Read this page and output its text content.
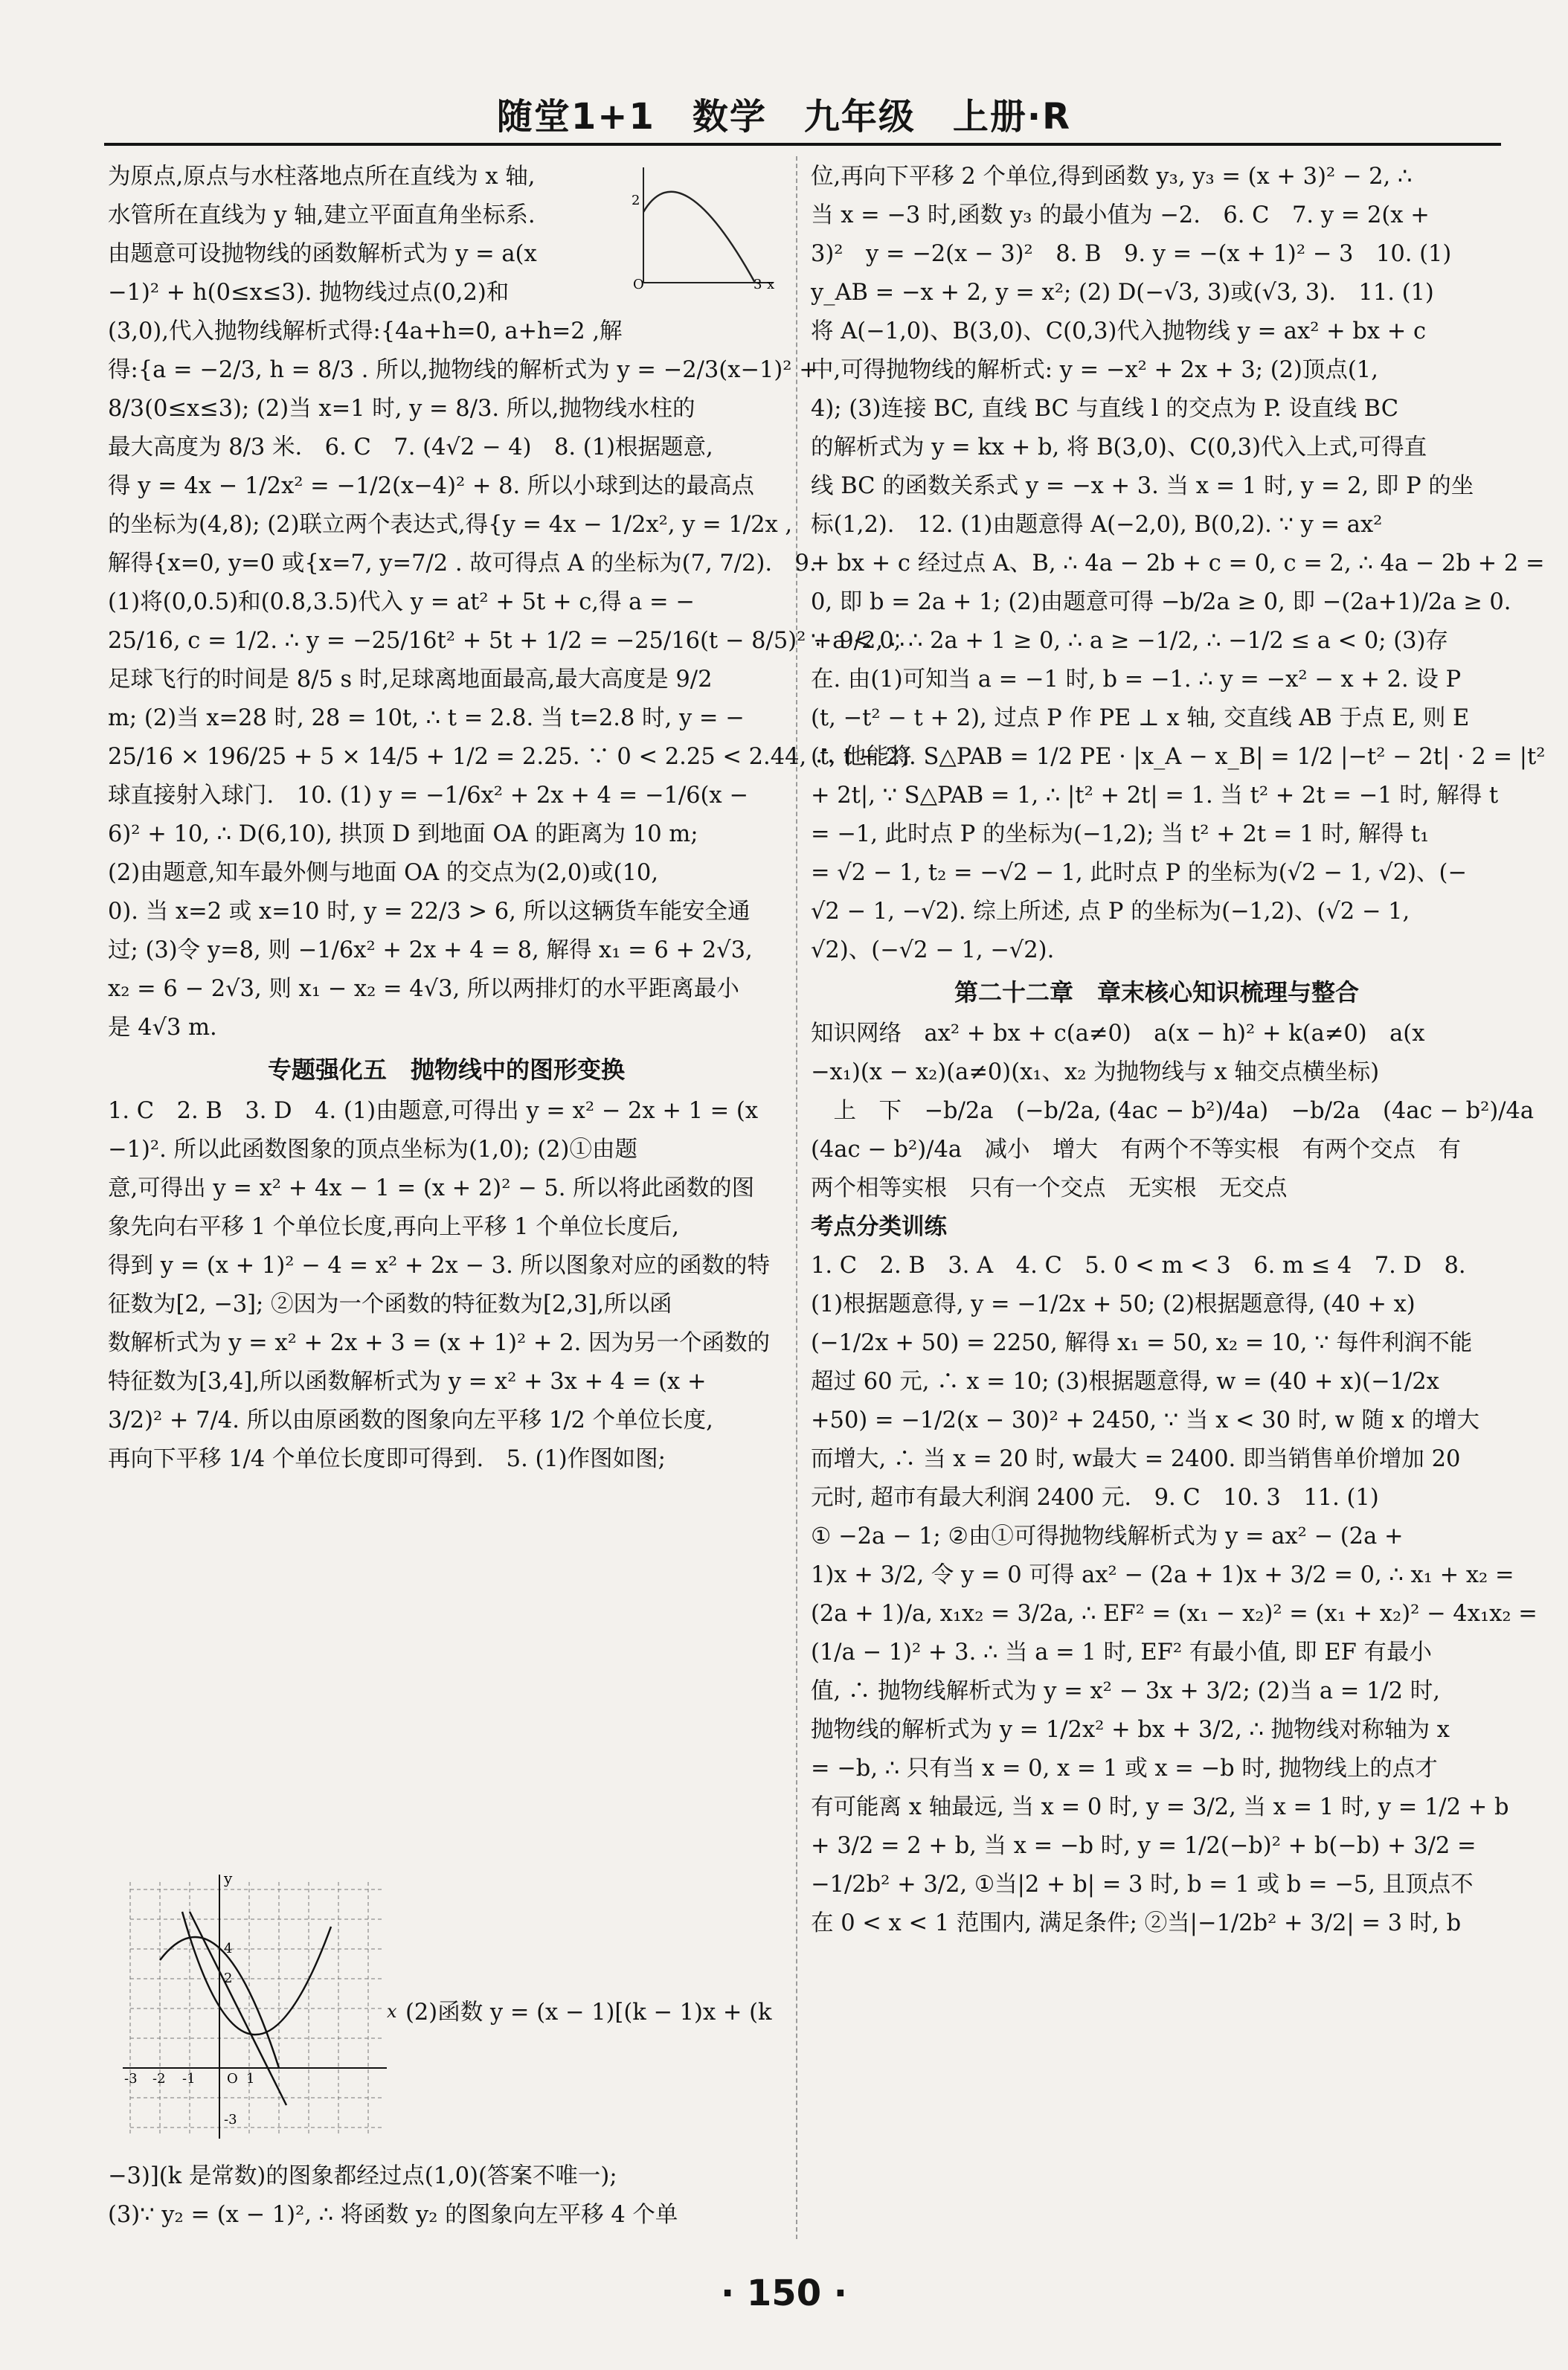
随堂1+1　数学　九年级　上册·R
2
O	3 x
为原点,原点与水柱落地点所在直线为 x 轴,
水管所在直线为 y 轴,建立平面直角坐标系.
由题意可设抛物线的函数解析式为 y = a(x
−1)² + h(0≤x≤3). 抛物线过点(0,2)和
(3,0),代入抛物线解析式得:{4a+h=0, a+h=2 ,解
得:{a = −2/3, h = 8/3 . 所以,抛物线的解析式为 y = −2/3(x−1)² +
8/3(0≤x≤3); (2)当 x=1 时, y = 8/3. 所以,抛物线水柱的
最大高度为 8/3 米.　6. C　7. (4√2 − 4)　8. (1)根据题意,
得 y = 4x − 1/2x² = −1/2(x−4)² + 8. 所以小球到达的最高点
的坐标为(4,8); (2)联立两个表达式,得{y = 4x − 1/2x², y = 1/2x ,
解得{x=0, y=0 或{x=7, y=7/2 . 故可得点 A 的坐标为(7, 7/2).　9.
(1)将(0,0.5)和(0.8,3.5)代入 y = at² + 5t + c,得 a = −
25/16, c = 1/2. ∴ y = −25/16t² + 5t + 1/2 = −25/16(t − 8/5)² + 9/2, ∴
足球飞行的时间是 8/5 s 时,足球离地面最高,最大高度是 9/2
m; (2)当 x=28 时, 28 = 10t, ∴ t = 2.8. 当 t=2.8 时, y = −
25/16 × 196/25 + 5 × 14/5 + 1/2 = 2.25. ∵ 0 < 2.25 < 2.44, ∴ 他能将
球直接射入球门.　10. (1) y = −1/6x² + 2x + 4 = −1/6(x −
6)² + 10, ∴ D(6,10), 拱顶 D 到地面 OA 的距离为 10 m;
(2)由题意,知车最外侧与地面 OA 的交点为(2,0)或(10,
0). 当 x=2 或 x=10 时, y = 22/3 > 6, 所以这辆货车能安全通
过; (3)令 y=8, 则 −1/6x² + 2x + 4 = 8, 解得 x₁ = 6 + 2√3,
x₂ = 6 − 2√3, 则 x₁ − x₂ = 4√3, 所以两排灯的水平距离最小
是 4√3 m.
专题强化五　抛物线中的图形变换
1. C　2. B　3. D　4. (1)由题意,可得出 y = x² − 2x + 1 = (x
−1)². 所以此函数图象的顶点坐标为(1,0); (2)①由题
意,可得出 y = x² + 4x − 1 = (x + 2)² − 5. 所以将此函数的图
象先向右平移 1 个单位长度,再向上平移 1 个单位长度后,
得到 y = (x + 1)² − 4 = x² + 2x − 3. 所以图象对应的函数的特
征数为[2, −3]; ②因为一个函数的特征数为[2,3],所以函
数解析式为 y = x² + 2x + 3 = (x + 1)² + 2. 因为另一个函数的
特征数为[3,4],所以函数解析式为 y = x² + 3x + 4 = (x +
3/2)² + 7/4. 所以由原函数的图象向左平移 1/2 个单位长度,
再向下平移 1/4 个单位长度即可得到.　5. (1)作图如图;
y
O 1
-1
-2
-3
4
2
-3
(2)函数 y = (x − 1)[(k − 1)x + (k
x
−3)](k 是常数)的图象都经过点(1,0)(答案不唯一);
(3)∵ y₂ = (x − 1)², ∴ 将函数 y₂ 的图象向左平移 4 个单
位,再向下平移 2 个单位,得到函数 y₃, y₃ = (x + 3)² − 2, ∴
当 x = −3 时,函数 y₃ 的最小值为 −2.　6. C　7. y = 2(x +
3)²　y = −2(x − 3)²　8. B　9. y = −(x + 1)² − 3　10. (1)
y_AB = −x + 2, y = x²; (2) D(−√3, 3)或(√3, 3).　11. (1)
将 A(−1,0)、B(3,0)、C(0,3)代入抛物线 y = ax² + bx + c
中,可得抛物线的解析式: y = −x² + 2x + 3; (2)顶点(1,
4); (3)连接 BC, 直线 BC 与直线 l 的交点为 P. 设直线 BC
的解析式为 y = kx + b, 将 B(3,0)、C(0,3)代入上式,可得直
线 BC 的函数关系式 y = −x + 3. 当 x = 1 时, y = 2, 即 P 的坐
标(1,2).　12. (1)由题意得 A(−2,0), B(0,2). ∵ y = ax²
+ bx + c 经过点 A、B, ∴ 4a − 2b + c = 0, c = 2, ∴ 4a − 2b + 2 =
0, 即 b = 2a + 1; (2)由题意可得 −b/2a ≥ 0, 即 −(2a+1)/2a ≥ 0.
∵ a < 0, ∴ 2a + 1 ≥ 0, ∴ a ≥ −1/2, ∴ −1/2 ≤ a < 0; (3)存
在. 由(1)可知当 a = −1 时, b = −1. ∴ y = −x² − x + 2. 设 P
(t, −t² − t + 2), 过点 P 作 PE ⊥ x 轴, 交直线 AB 于点 E, 则 E
(t, t + 2). S△PAB = 1/2 PE · |x_A − x_B| = 1/2 |−t² − 2t| · 2 = |t²
+ 2t|, ∵ S△PAB = 1, ∴ |t² + 2t| = 1. 当 t² + 2t = −1 时, 解得 t
= −1, 此时点 P 的坐标为(−1,2); 当 t² + 2t = 1 时, 解得 t₁
= √2 − 1, t₂ = −√2 − 1, 此时点 P 的坐标为(√2 − 1, √2)、(−
√2 − 1, −√2). 综上所述, 点 P 的坐标为(−1,2)、(√2 − 1,
√2)、(−√2 − 1, −√2).
第二十二章　章末核心知识梳理与整合
知识网络　ax² + bx + c(a≠0)　a(x − h)² + k(a≠0)　a(x
−x₁)(x − x₂)(a≠0)(x₁、x₂ 为抛物线与 x 轴交点横坐标)
　上　下　−b/2a　(−b/2a, (4ac − b²)/4a)　−b/2a　(4ac − b²)/4a
(4ac − b²)/4a　减小　增大　有两个不等实根　有两个交点　有
两个相等实根　只有一个交点　无实根　无交点
考点分类训练
1. C　2. B　3. A　4. C　5. 0 < m < 3　6. m ≤ 4　7. D　8.
(1)根据题意得, y = −1/2x + 50; (2)根据题意得, (40 + x)
(−1/2x + 50) = 2250, 解得 x₁ = 50, x₂ = 10, ∵ 每件利润不能
超过 60 元, ∴ x = 10; (3)根据题意得, w = (40 + x)(−1/2x
+50) = −1/2(x − 30)² + 2450, ∵ 当 x < 30 时, w 随 x 的增大
而增大, ∴ 当 x = 20 时, w最大 = 2400. 即当销售单价增加 20
元时, 超市有最大利润 2400 元.　9. C　10. 3　11. (1)
① −2a − 1; ②由①可得抛物线解析式为 y = ax² − (2a +
1)x + 3/2, 令 y = 0 可得 ax² − (2a + 1)x + 3/2 = 0, ∴ x₁ + x₂ =
(2a + 1)/a, x₁x₂ = 3/2a, ∴ EF² = (x₁ − x₂)² = (x₁ + x₂)² − 4x₁x₂ =
(1/a − 1)² + 3. ∴ 当 a = 1 时, EF² 有最小值, 即 EF 有最小
值, ∴ 抛物线解析式为 y = x² − 3x + 3/2; (2)当 a = 1/2 时,
抛物线的解析式为 y = 1/2x² + bx + 3/2, ∴ 抛物线对称轴为 x
= −b, ∴ 只有当 x = 0, x = 1 或 x = −b 时, 抛物线上的点才
有可能离 x 轴最远, 当 x = 0 时, y = 3/2, 当 x = 1 时, y = 1/2 + b
+ 3/2 = 2 + b, 当 x = −b 时, y = 1/2(−b)² + b(−b) + 3/2 =
−1/2b² + 3/2, ①当|2 + b| = 3 时, b = 1 或 b = −5, 且顶点不
在 0 < x < 1 范围内, 满足条件; ②当|−1/2b² + 3/2| = 3 时, b
· 150 ·
